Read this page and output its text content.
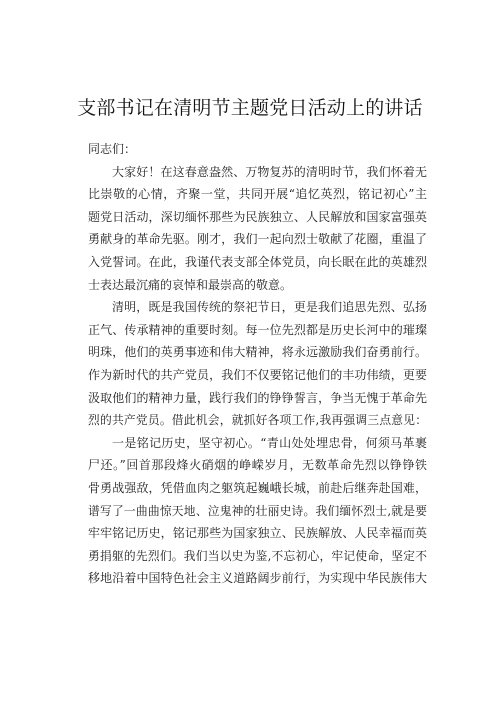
支部书记在清明节主题党日活动上的讲话
同志们：
大家好！在这春意盎然、万物复苏的清明时节，我们怀着无
比崇敬的心情，齐聚一堂，共同开展“追忆英烈，铭记初心”主
题党日活动，深切缅怀那些为民族独立、人民解放和国家富强英
勇献身的革命先驱。刚才，我们一起向烈士敬献了花圈，重温了
入党誓词。在此，我谨代表支部全体党员，向长眠在此的英雄烈
士表达最沉痛的哀悼和最崇高的敬意。
清明，既是我国传统的祭祀节日，更是我们追思先烈、弘扬
正气、传承精神的重要时刻。每一位先烈都是历史长河中的璀璨
明珠，他们的英勇事迹和伟大精神，将永远激励我们奋勇前行。
作为新时代的共产党员，我们不仅要铭记他们的丰功伟绩，更要
汲取他们的精神力量，践行我们的铮铮誓言，争当无愧于革命先
烈的共产党员。借此机会，就抓好各项工作,我再强调三点意见：
一是铭记历史，坚守初心。“青山处处埋忠骨，何须马革裹
尸还。”回首那段烽火硝烟的峥嵘岁月，无数革命先烈以铮铮铁
骨勇战强敌，凭借血肉之躯筑起巍峨长城，前赴后继奔赴国难，
谱写了一曲曲惊天地、泣鬼神的壮丽史诗。我们缅怀烈士,就是要
牢牢铭记历史，铭记那些为国家独立、民族解放、人民幸福而英
勇捐躯的先烈们。我们当以史为鉴,不忘初心，牢记使命，坚定不
移地沿着中国特色社会主义道路阔步前行，为实现中华民族伟大
